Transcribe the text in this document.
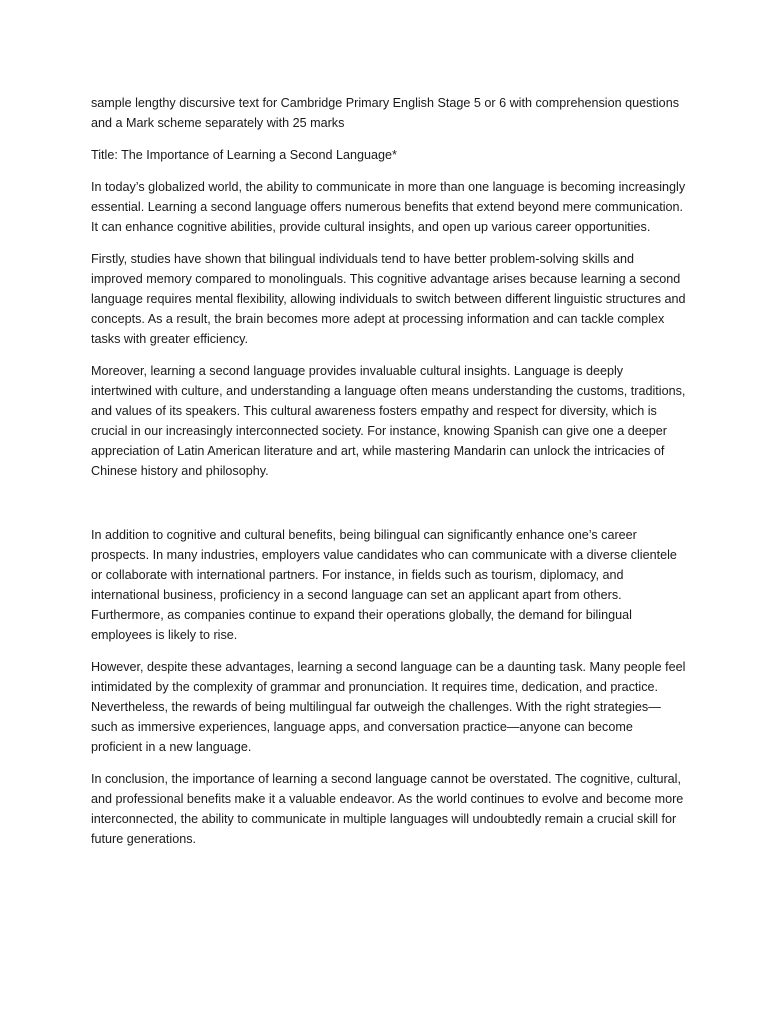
sample lengthy discursive text for Cambridge Primary English Stage 5 or 6 with comprehension questions and a Mark scheme separately with 25 marks

Title: The Importance of Learning a Second Language*

In today’s globalized world, the ability to communicate in more than one language is becoming increasingly essential. Learning a second language offers numerous benefits that extend beyond mere communication. It can enhance cognitive abilities, provide cultural insights, and open up various career opportunities.

Firstly, studies have shown that bilingual individuals tend to have better problem-solving skills and improved memory compared to monolinguals. This cognitive advantage arises because learning a second language requires mental flexibility, allowing individuals to switch between different linguistic structures and concepts. As a result, the brain becomes more adept at processing information and can tackle complex tasks with greater efficiency.

Moreover, learning a second language provides invaluable cultural insights. Language is deeply intertwined with culture, and understanding a language often means understanding the customs, traditions, and values of its speakers. This cultural awareness fosters empathy and respect for diversity, which is crucial in our increasingly interconnected society. For instance, knowing Spanish can give one a deeper appreciation of Latin American literature and art, while mastering Mandarin can unlock the intricacies of Chinese history and philosophy.

In addition to cognitive and cultural benefits, being bilingual can significantly enhance one’s career prospects. In many industries, employers value candidates who can communicate with a diverse clientele or collaborate with international partners. For instance, in fields such as tourism, diplomacy, and international business, proficiency in a second language can set an applicant apart from others. Furthermore, as companies continue to expand their operations globally, the demand for bilingual employees is likely to rise.

However, despite these advantages, learning a second language can be a daunting task. Many people feel intimidated by the complexity of grammar and pronunciation. It requires time, dedication, and practice. Nevertheless, the rewards of being multilingual far outweigh the challenges. With the right strategies—such as immersive experiences, language apps, and conversation practice—anyone can become proficient in a new language.

In conclusion, the importance of learning a second language cannot be overstated. The cognitive, cultural, and professional benefits make it a valuable endeavor. As the world continues to evolve and become more interconnected, the ability to communicate in multiple languages will undoubtedly remain a crucial skill for future generations.
